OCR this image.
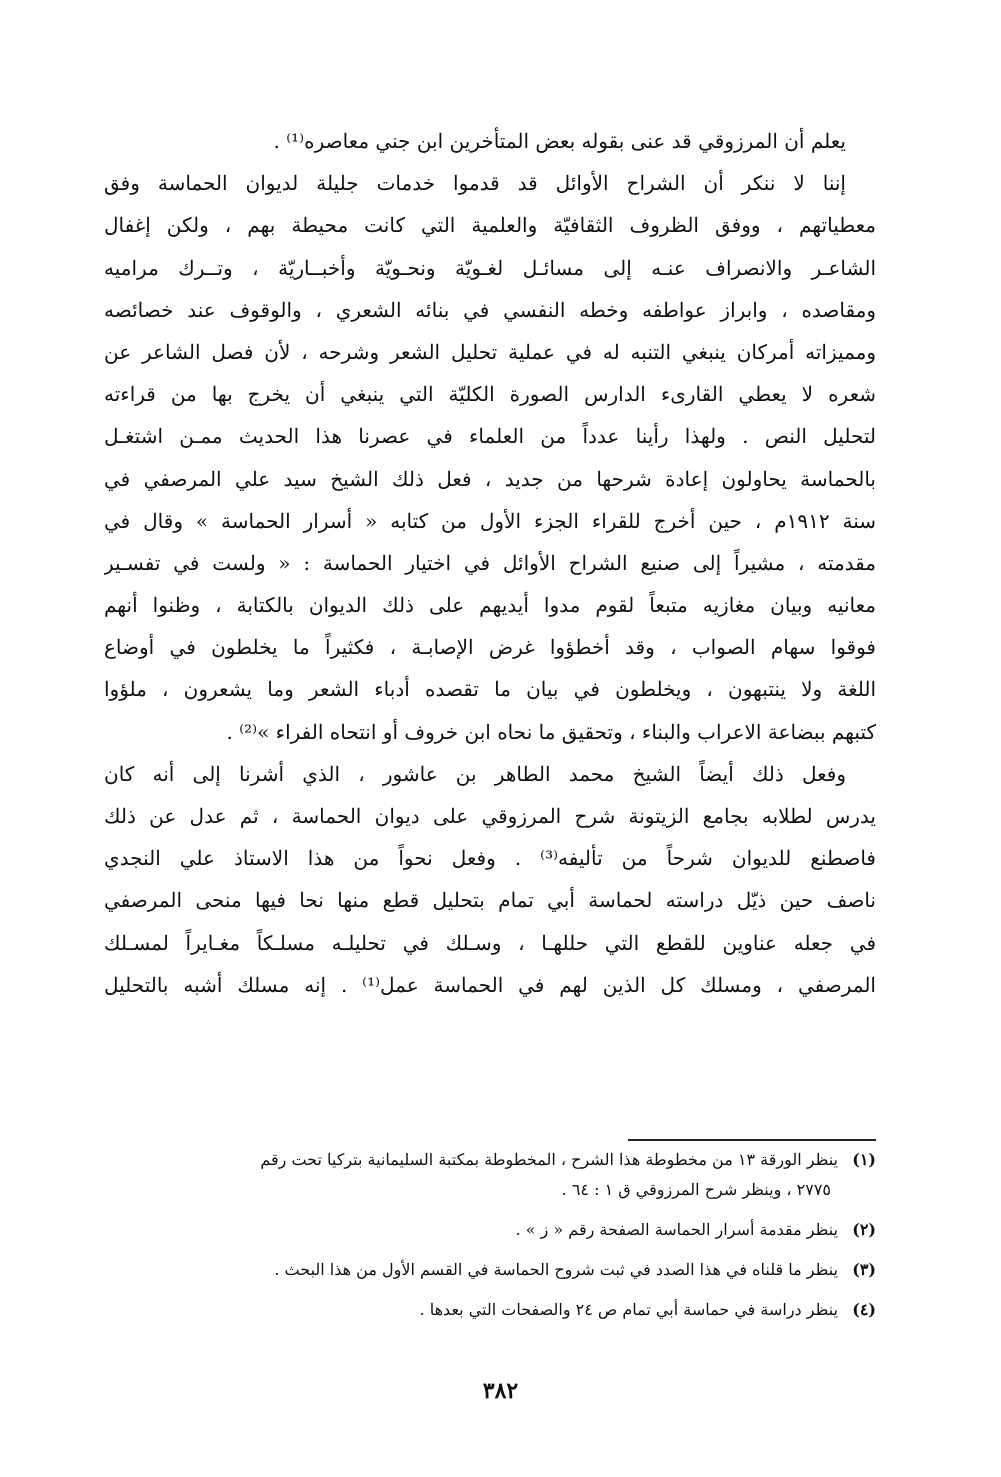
يعلم أن المرزوقي قد عنى بقوله بعض المتأخرين ابن جني معاصره⁽¹⁾ .
إننا لا ننكر أن الشراح الأوائل قد قدموا خدمات جليلة لديوان الحماسة وفق
معطياتهم ، ووفق الظروف الثقافيّة والعلمية التي كانت محيطة بهم ، ولكن إغفال
الشاعـر والانصراف عنـه إلى مسائـل لغـويّة ونحـويّة وأخبــاريّة ، وتــرك مراميه
ومقاصده ، وابراز عواطفه وخطه النفسي في بنائه الشعري ، والوقوف عند خصائصه
ومميزاته أمركان ينبغي التنبه له في عملية تحليل الشعر وشرحه ، لأن فصل الشاعر عن
شعره لا يعطي القارىء الدارس الصورة الكليّة التي ينبغي أن يخرج بها من قراءته
لتحليل النص . ولهذا رأينا عدداً من العلماء في عصرنا هذا الحديث ممـن اشتغـل
بالحماسة يحاولون إعادة شرحها من جديد ، فعل ذلك الشيخ سيد علي المرصفي في
سنة ١٩١٢م ، حين أخرج للقراء الجزء الأول من كتابه « أسرار الحماسة » وقال في
مقدمته ، مشيراً إلى صنيع الشراح الأوائل في اختيار الحماسة : « ولست في تفسـير
معانيه وبيان مغازيه متبعاً لقوم مدوا أيديهم على ذلك الديوان بالكتابة ، وظنوا أنهم
فوقوا سهام الصواب ، وقد أخطؤوا غرض الإصابـة ، فكثيراً ما يخلطون في أوضاع
اللغة ولا ينتبهون ، ويخلطون في بيان ما تقصده أدباء الشعر وما يشعرون ، ملؤوا
كتبهم ببضاعة الاعراب والبناء ، وتحقيق ما نحاه ابن خروف أو انتحاه الفراء »⁽²⁾ .
وفعل ذلك أيضاً الشيخ محمد الطاهر بن عاشور ، الذي أشرنا إلى أنه كان
يدرس لطلابه بجامع الزيتونة شرح المرزوقي على ديوان الحماسة ، ثم عدل عن ذلك
فاصطنع للديوان شرحاً من تأليفه⁽³⁾ . وفعل نحواً من هذا الاستاذ علي النجدي
ناصف حين ذيّل دراسته لحماسة أبي تمام بتحليل قطع منها نحا فيها منحى المرصفي
في جعله عناوين للقطع التي حللهـا ، وسـلك في تحليلـه مسلـكاً مغـايراً لمسـلك
المرصفي ، ومسلك كل الذين لهم في الحماسة عمل⁽¹⁾ . إنه مسلك أشبه بالتحليل
(١)ينظر الورقة ١٣ من مخطوطة هذا الشرح ، المخطوطة بمكتبة السليمانية بتركيا تحت رقم
٢٧٧٥ ، وينظر شرح المرزوقي ق ١ : ٦٤ .
(٢)ينظر مقدمة أسرار الحماسة الصفحة رقم « ز » .
(٣)ينظر ما قلناه في هذا الصدد في ثبت شروح الحماسة في القسم الأول من هذا البحث .
(٤)ينظر دراسة في حماسة أبي تمام ص ٢٤ والصفحات التي بعدها .
٣٨٢
